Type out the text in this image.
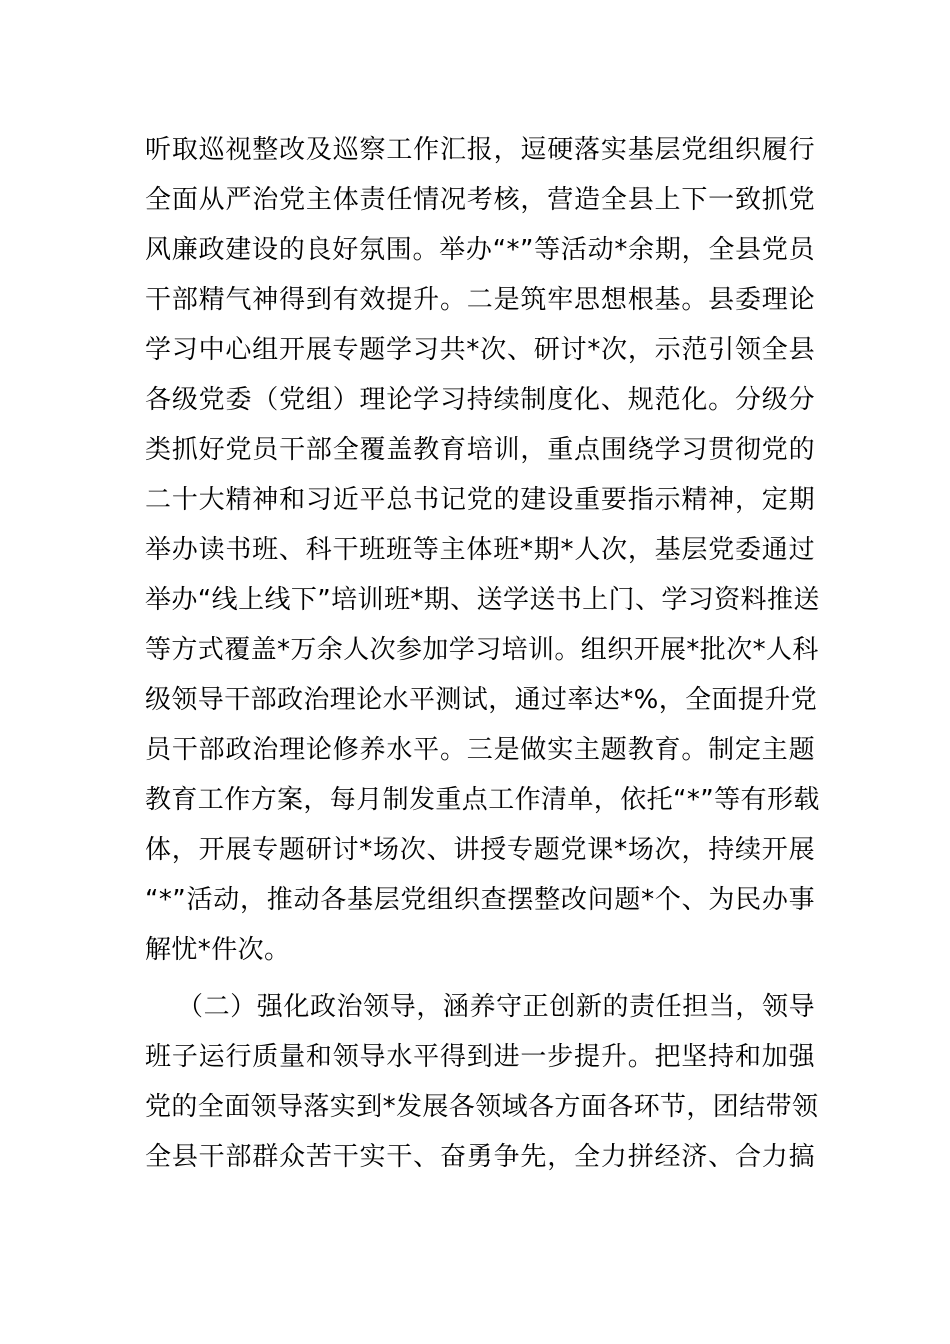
听取巡视整改及巡察工作汇报，逗硬落实基层党组织履行
全面从严治党主体责任情况考核，营造全县上下一致抓党
风廉政建设的良好氛围。举办“*”等活动*余期，全县党员
干部精气神得到有效提升。二是筑牢思想根基。县委理论
学习中心组开展专题学习共*次、研讨*次，示范引领全县
各级党委（党组）理论学习持续制度化、规范化。分级分
类抓好党员干部全覆盖教育培训，重点围绕学习贯彻党的
二十大精神和习近平总书记党的建设重要指示精神，定期
举办读书班、科干班班等主体班*期*人次，基层党委通过
举办“线上线下”培训班*期、送学送书上门、学习资料推送
等方式覆盖*万余人次参加学习培训。组织开展*批次*人科
级领导干部政治理论水平测试，通过率达*%，全面提升党
员干部政治理论修养水平。三是做实主题教育。制定主题
教育工作方案，每月制发重点工作清单，依托“*”等有形载
体，开展专题研讨*场次、讲授专题党课*场次，持续开展
“*”活动，推动各基层党组织查摆整改问题*个、为民办事
解忧*件次。
（二）强化政治领导，涵养守正创新的责任担当，领导
班子运行质量和领导水平得到进一步提升。把坚持和加强
党的全面领导落实到*发展各领域各方面各环节，团结带领
全县干部群众苦干实干、奋勇争先，全力拼经济、合力搞
